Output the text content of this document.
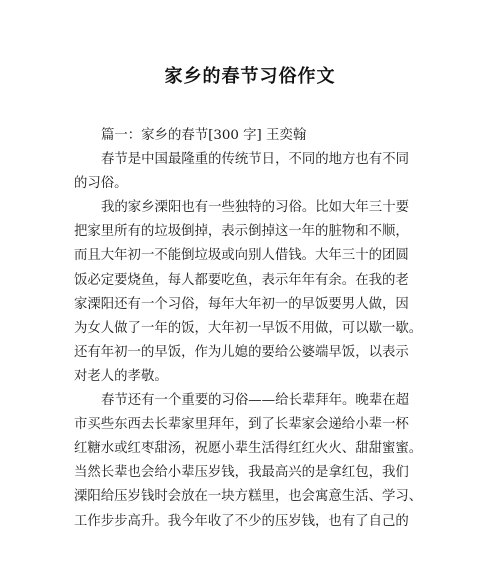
家乡的春节习俗作文
篇一：家乡的春节[300 字] 王奕翰
春节是中国最隆重的传统节日，不同的地方也有不同
的习俗。
我的家乡溧阳也有一些独特的习俗。比如大年三十要
把家里所有的垃圾倒掉，表示倒掉这一年的脏物和不顺，
而且大年初一不能倒垃圾或向别人借钱。大年三十的团圆
饭必定要烧鱼，每人都要吃鱼，表示年年有余。在我的老
家溧阳还有一个习俗，每年大年初一的早饭要男人做，因
为女人做了一年的饭，大年初一早饭不用做，可以歇一歇。
还有年初一的早饭，作为儿媳的要给公婆端早饭，以表示
对老人的孝敬。
春节还有一个重要的习俗——给长辈拜年。晚辈在超
市买些东西去长辈家里拜年，到了长辈家会递给小辈一杯
红糖水或红枣甜汤，祝愿小辈生活得红红火火、甜甜蜜蜜。
当然长辈也会给小辈压岁钱，我最高兴的是拿红包，我们
溧阳给压岁钱时会放在一块方糕里，也会寓意生活、学习、
工作步步高升。我今年收了不少的压岁钱，也有了自己的
